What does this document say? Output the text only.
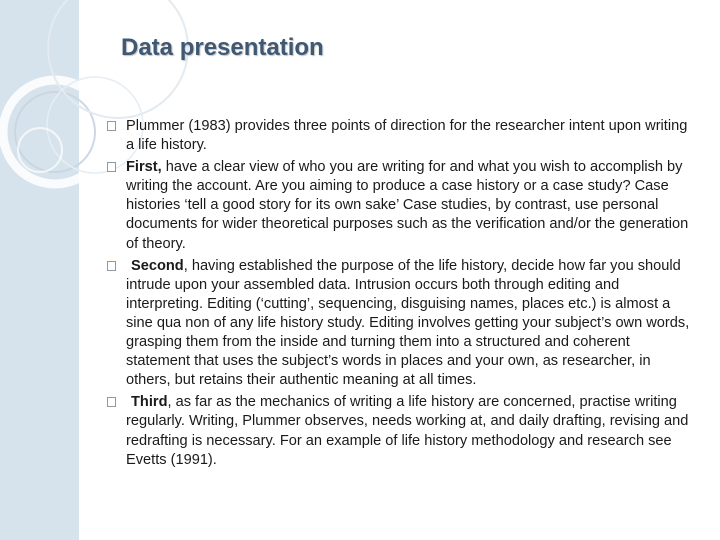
Data presentation
Plummer (1983) provides three points of direction for the researcher intent upon writing a life history.
First, have a clear view of who you are writing for and what you wish to accomplish by writing the account. Are you aiming to produce a case history or a case study? Case histories ‘tell a good story for its own sake’ Case studies, by contrast, use personal documents for wider theoretical purposes such as the verification and/or the generation of theory.
Second, having established the purpose of the life history, decide how far you should intrude upon your assembled data. Intrusion occurs both through editing and interpreting. Editing (‘cutting’, sequencing, disguising names, places etc.) is almost a sine qua non of any life history study. Editing involves getting your subject’s own words, grasping them from the inside and turning them into a structured and coherent statement that uses the subject’s words in places and your own, as researcher, in others, but retains their authentic meaning at all times.
Third, as far as the mechanics of writing a life history are concerned, practise writing regularly. Writing, Plummer observes, needs working at, and daily drafting, revising and redrafting is necessary. For an example of life history methodology and research see Evetts (1991).
